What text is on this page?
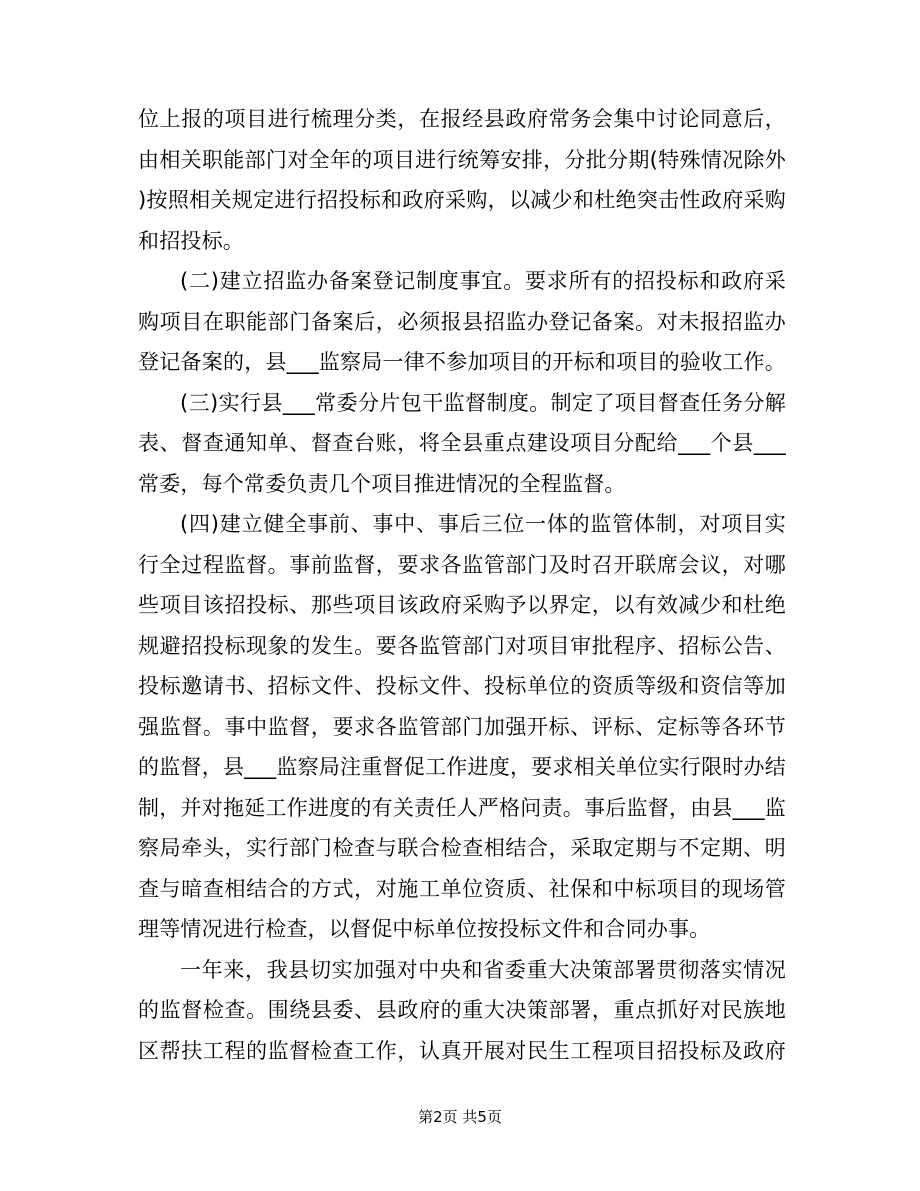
位上报的项目进行梳理分类，在报经县政府常务会集中讨论同意后，
由相关职能部门对全年的项目进行统筹安排，分批分期(特殊情况除外
)按照相关规定进行招投标和政府采购，以减少和杜绝突击性政府采购
和招投标。
(二)建立招监办备案登记制度事宜。要求所有的招投标和政府采
购项目在职能部门备案后，必须报县招监办登记备案。对未报招监办
登记备案的，县___监察局一律不参加项目的开标和项目的验收工作。
(三)实行县___常委分片包干监督制度。制定了项目督查任务分解
表、督查通知单、督查台账，将全县重点建设项目分配给___个县___
常委，每个常委负责几个项目推进情况的全程监督。
(四)建立健全事前、事中、事后三位一体的监管体制，对项目实
行全过程监督。事前监督，要求各监管部门及时召开联席会议，对哪
些项目该招投标、那些项目该政府采购予以界定，以有效减少和杜绝
规避招投标现象的发生。要各监管部门对项目审批程序、招标公告、
投标邀请书、招标文件、投标文件、投标单位的资质等级和资信等加
强监督。事中监督，要求各监管部门加强开标、评标、定标等各环节
的监督，县___监察局注重督促工作进度，要求相关单位实行限时办结
制，并对拖延工作进度的有关责任人严格问责。事后监督，由县___监
察局牵头，实行部门检查与联合检查相结合，采取定期与不定期、明
查与暗查相结合的方式，对施工单位资质、社保和中标项目的现场管
理等情况进行检查，以督促中标单位按投标文件和合同办事。
一年来，我县切实加强对中央和省委重大决策部署贯彻落实情况
的监督检查。围绕县委、县政府的重大决策部署，重点抓好对民族地
区帮扶工程的监督检查工作，认真开展对民生工程项目招投标及政府
第2页 共5页
